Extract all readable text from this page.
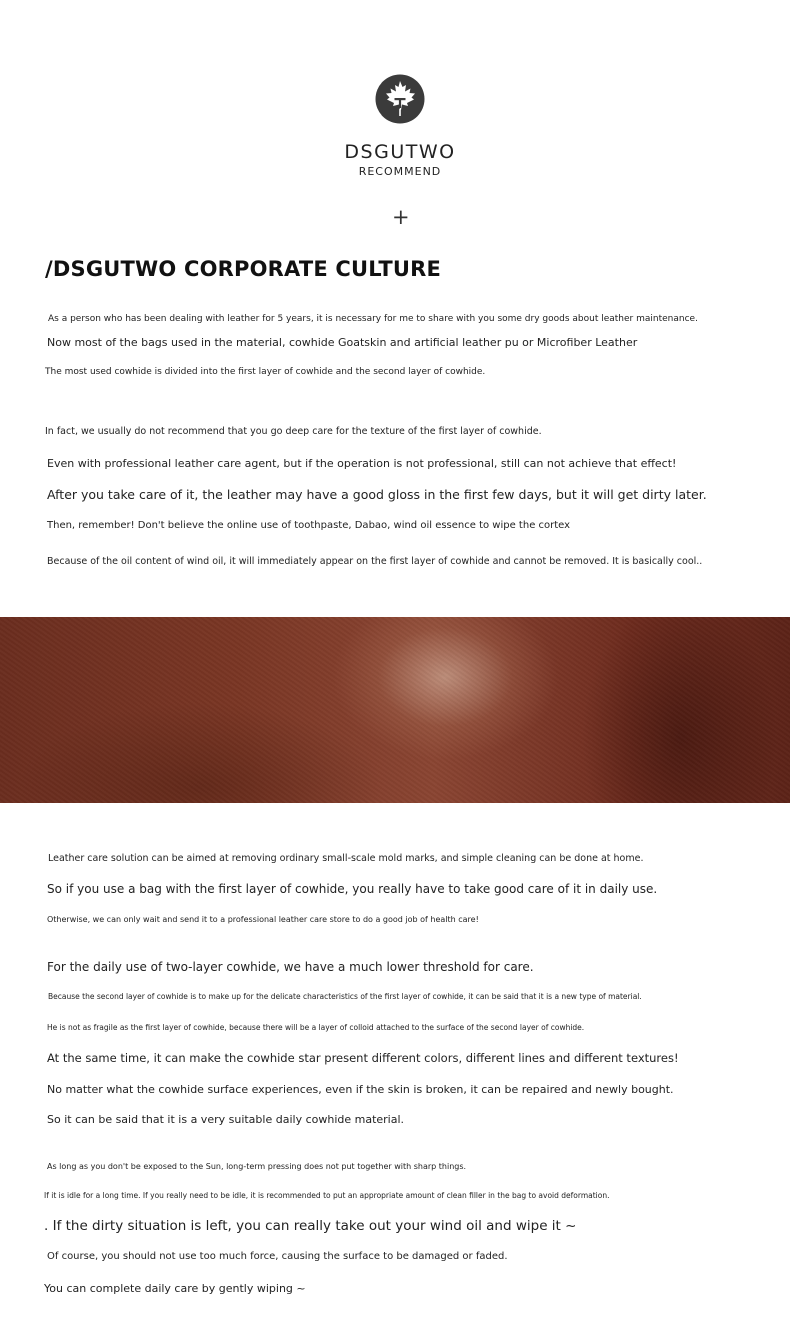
DSGUTWO
RECOMMEND
+
/DSGUTWO CORPORATE CULTURE
As a person who has been dealing with leather for 5 years, it is necessary for me to share with you some dry goods about leather maintenance.
Now most of the bags used in the material, cowhide Goatskin and artificial leather pu or Microfiber Leather
The most used cowhide is divided into the first layer of cowhide and the second layer of cowhide.
In fact, we usually do not recommend that you go deep care for the texture of the first layer of cowhide.
Even with professional leather care agent, but if the operation is not professional, still can not achieve that effect!
After you take care of it, the leather may have a good gloss in the first few days, but it will get dirty later.
Then, remember! Don't believe the online use of toothpaste, Dabao, wind oil essence to wipe the cortex
Because of the oil content of wind oil, it will immediately appear on the first layer of cowhide and cannot be removed. It is basically cool..
Leather care solution can be aimed at removing ordinary small-scale mold marks, and simple cleaning can be done at home.
So if you use a bag with the first layer of cowhide, you really have to take good care of it in daily use.
Otherwise, we can only wait and send it to a professional leather care store to do a good job of health care!
For the daily use of two-layer cowhide, we have a much lower threshold for care.
Because the second layer of cowhide is to make up for the delicate characteristics of the first layer of cowhide, it can be said that it is a new type of material.
He is not as fragile as the first layer of cowhide, because there will be a layer of colloid attached to the surface of the second layer of cowhide.
At the same time, it can make the cowhide star present different colors, different lines and different textures!
No matter what the cowhide surface experiences, even if the skin is broken, it can be repaired and newly bought.
So it can be said that it is a very suitable daily cowhide material.
As long as you don't be exposed to the Sun, long-term pressing does not put together with sharp things.
If it is idle for a long time. If you really need to be idle, it is recommended to put an appropriate amount of clean filler in the bag to avoid deformation.
. If the dirty situation is left, you can really take out your wind oil and wipe it ~
Of course, you should not use too much force, causing the surface to be damaged or faded.
You can complete daily care by gently wiping ~
